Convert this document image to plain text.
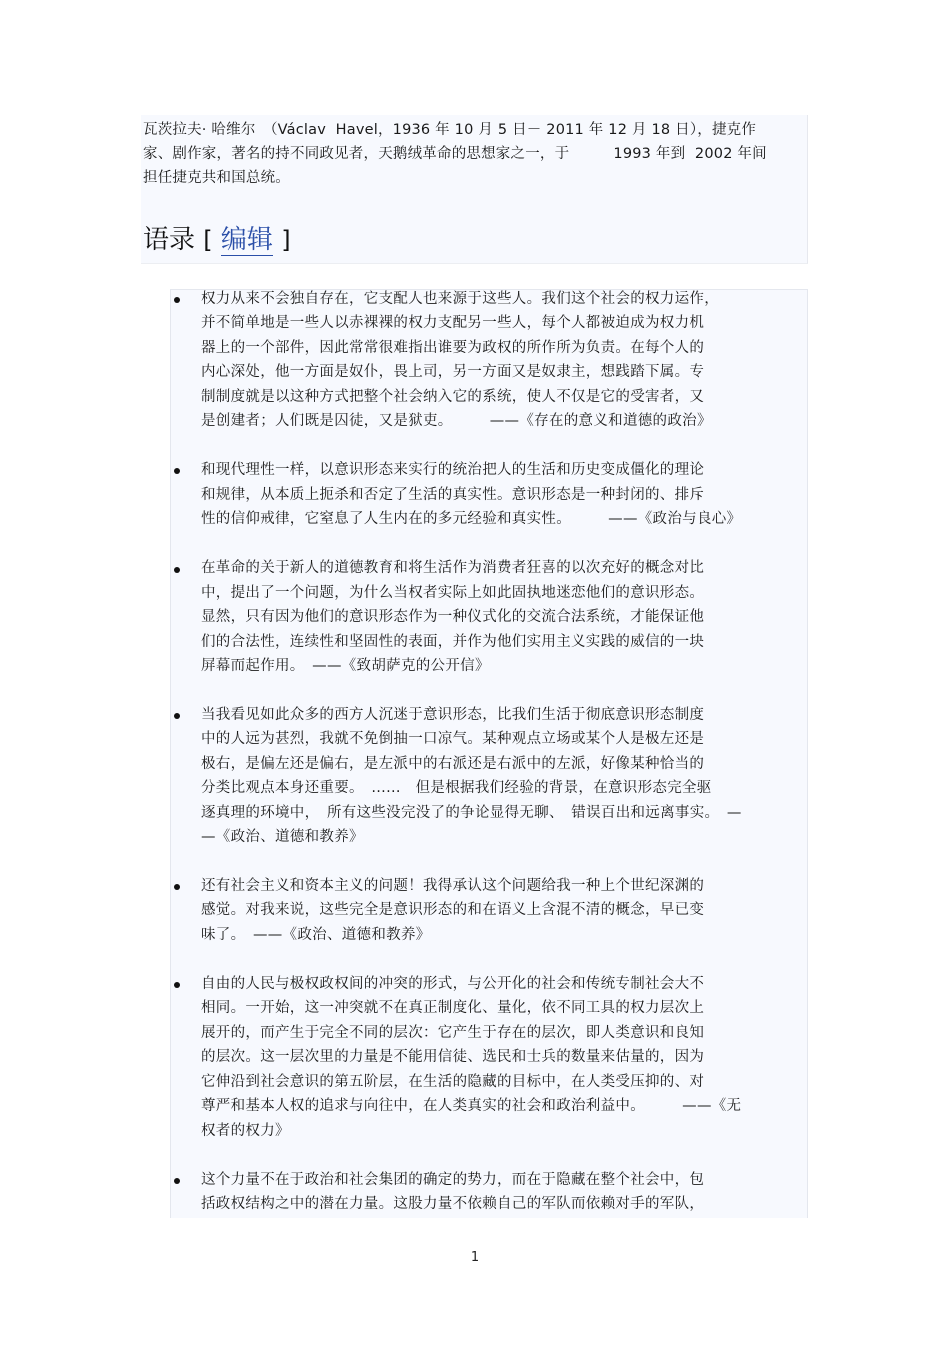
瓦茨拉夫· 哈维尔　（Václav  Havel，1936 年 10 月 5 日－ 2011 年 12 月 18 日），捷克作
家、剧作家，著名的持不同政见者，天鹅绒革命的思想家之一，于　　　1993 年到  2002 年间
担任捷克共和国总统。
语录 [ 编辑 ]
权力从来不会独自存在，它支配人也来源于这些人。我们这个社会的权力运作，
并不简单地是一些人以赤裸裸的权力支配另一些人，每个人都被迫成为权力机
器上的一个部件，因此常常很难指出谁要为政权的所作所为负责。在每个人的
内心深处，他一方面是奴仆，畏上司，另一方面又是奴隶主，想践踏下属。专
制制度就是以这种方式把整个社会纳入它的系统，使人不仅是它的受害者，又
是创建者；人们既是囚徒，又是狱吏。　　　——《存在的意义和道德的政治》
和现代理性一样，以意识形态来实行的统治把人的生活和历史变成僵化的理论
和规律，从本质上扼杀和否定了生活的真实性。意识形态是一种封闭的、排斥
性的信仰戒律，它窒息了人生内在的多元经验和真实性。　　　——《政治与良心》
在革命的关于新人的道德教育和将生活作为消费者狂喜的以次充好的概念对比
中，提出了一个问题，为什么当权者实际上如此固执地迷恋他们的意识形态。
显然，只有因为他们的意识形态作为一种仪式化的交流合法系统，才能保证他
们的合法性，连续性和坚固性的表面，并作为他们实用主义实践的威信的一块
屏幕而起作用。　——《致胡萨克的公开信》
当我看见如此众多的西方人沉迷于意识形态，比我们生活于彻底意识形态制度
中的人远为甚烈，我就不免倒抽一口凉气。某种观点立场或某个人是极左还是
极右，是偏左还是偏右，是左派中的右派还是右派中的左派，好像某种恰当的
分类比观点本身还重要。　......　但是根据我们经验的背景，在意识形态完全驱
逐真理的环境中，　所有这些没完没了的争论显得无聊、　错误百出和远离事实。　—
—《政治、道德和教养》
还有社会主义和资本主义的问题！我得承认这个问题给我一种上个世纪深渊的
感觉。对我来说，这些完全是意识形态的和在语义上含混不清的概念，早已变
味了。　——《政治、道德和教养》
自由的人民与极权政权间的冲突的形式，与公开化的社会和传统专制社会大不
相同。一开始，这一冲突就不在真正制度化、量化，依不同工具的权力层次上
展开的，而产生于完全不同的层次：它产生于存在的层次，即人类意识和良知
的层次。这一层次里的力量是不能用信徒、选民和士兵的数量来估量的，因为
它伸沿到社会意识的第五阶层，在生活的隐藏的目标中，在人类受压抑的、对
尊严和基本人权的追求与向往中，在人类真实的社会和政治利益中。　　　——《无
权者的权力》
这个力量不在于政治和社会集团的确定的势力，而在于隐藏在整个社会中，包
括政权结构之中的潜在力量。这股力量不依赖自己的军队而依赖对手的军队，
1
